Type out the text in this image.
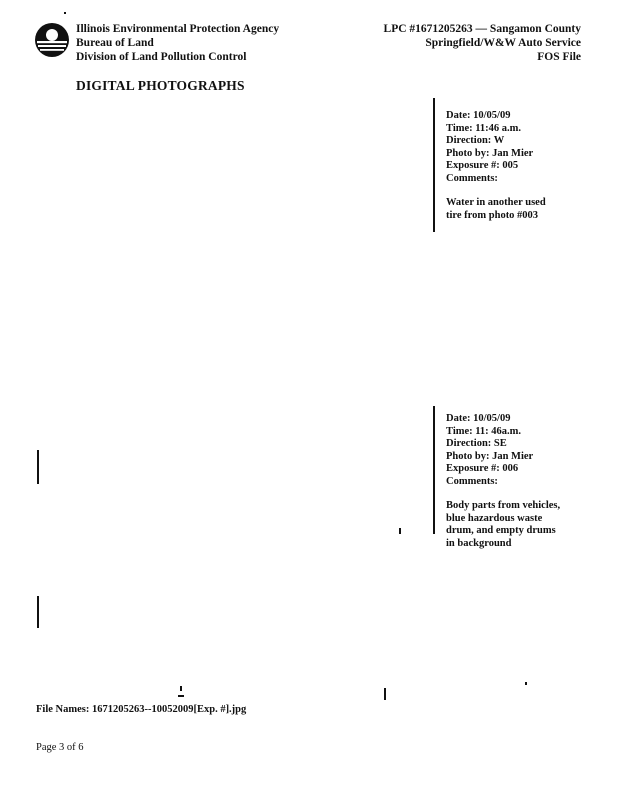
Illinois Environmental Protection Agency
Bureau of Land
Division of Land Pollution Control
LPC #1671205263 — Sangamon County
Springfield/W&W Auto Service
FOS File
DIGITAL PHOTOGRAPHS
Date: 10/05/09
Time: 11:46 a.m.
Direction: W
Photo by: Jan Mier
Exposure #: 005
Comments:
Water in another used
tire from photo #003
Date: 10/05/09
Time: 11: 46a.m.
Direction: SE
Photo by: Jan Mier
Exposure #: 006
Comments:
Body parts from vehicles,
blue hazardous waste
drum, and empty drums
in background
File Names: 1671205263--10052009[Exp. #].jpg
Page 3 of 6
